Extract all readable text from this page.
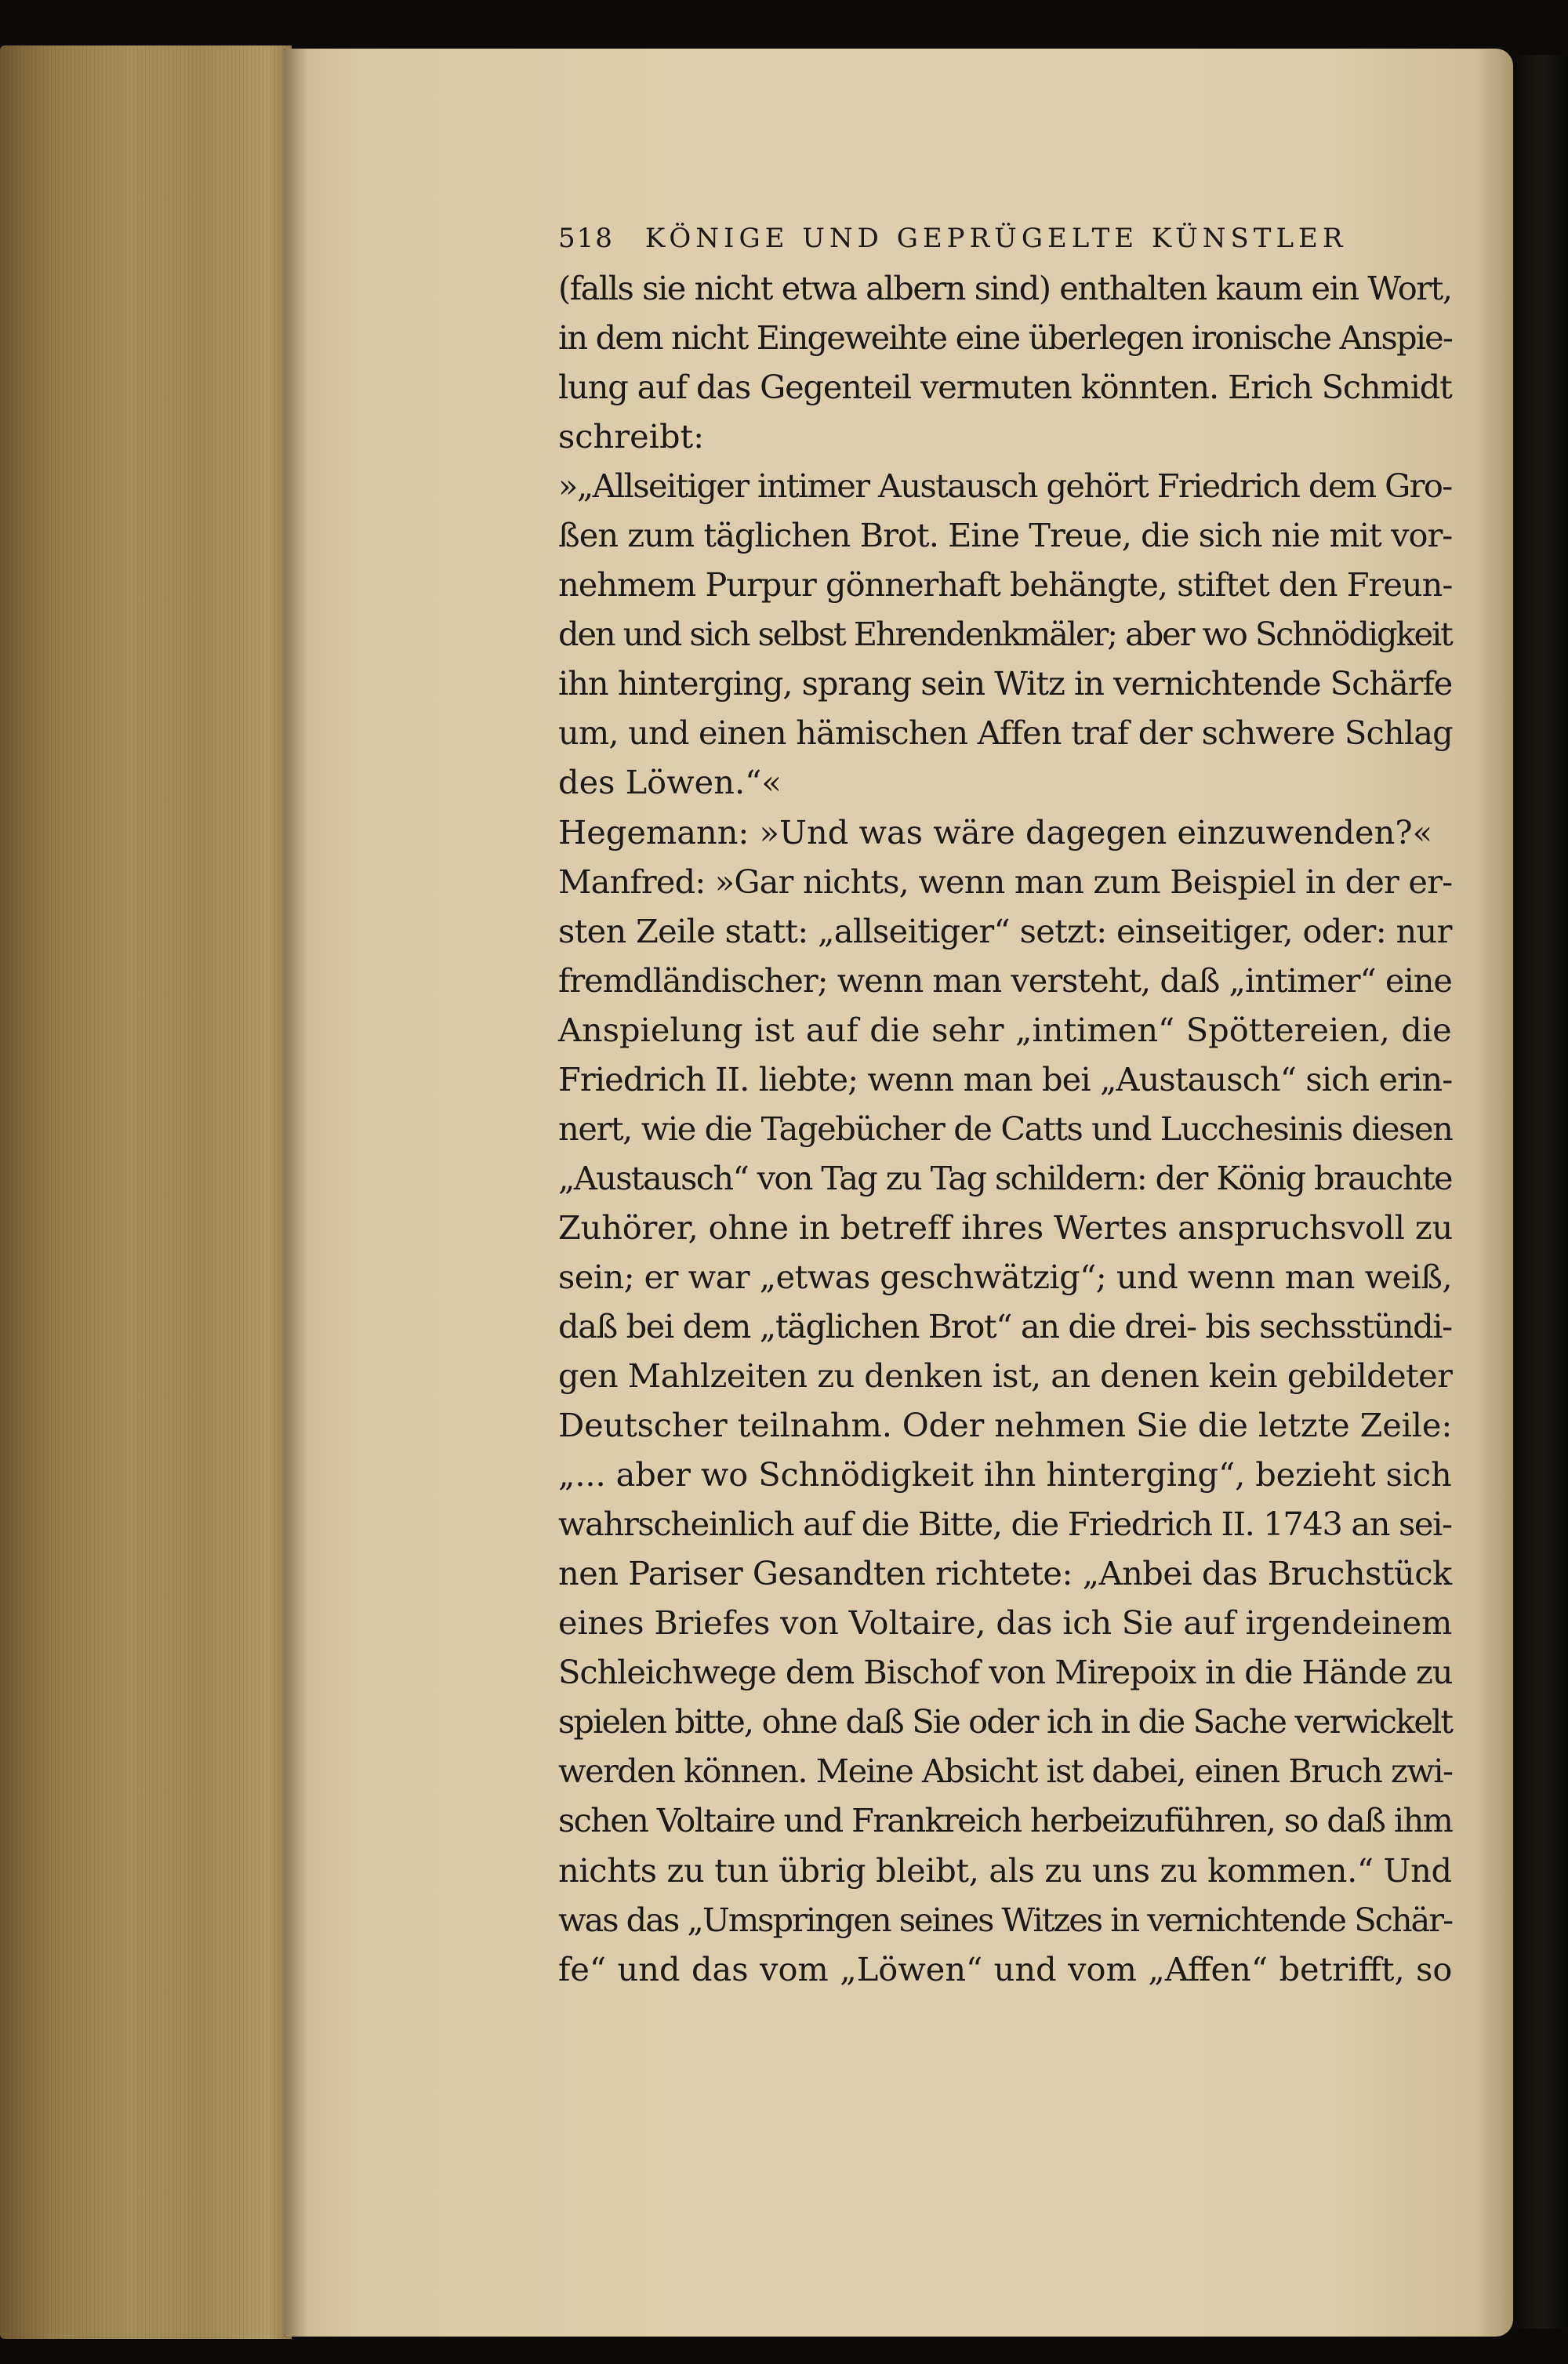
518 KÖNIGE UND GEPRÜGELTE KÜNSTLER
(falls sie nicht etwa albern sind) enthalten kaum ein Wort,
in dem nicht Eingeweihte eine überlegen ironische Anspie-
lung auf das Gegenteil vermuten könnten. Erich Schmidt
schreibt:
»„Allseitiger intimer Austausch gehört Friedrich dem Gro-
ßen zum täglichen Brot. Eine Treue, die sich nie mit vor-
nehmem Purpur gönnerhaft behängte, stiftet den Freun-
den und sich selbst Ehrendenkmäler; aber wo Schnödigkeit
ihn hinterging, sprang sein Witz in vernichtende Schärfe
um, und einen hämischen Affen traf der schwere Schlag
des Löwen.“«
Hegemann: »Und was wäre dagegen einzuwenden?«
Manfred: »Gar nichts, wenn man zum Beispiel in der er-
sten Zeile statt: „allseitiger“ setzt: einseitiger, oder: nur
fremdländischer; wenn man versteht, daß „intimer“ eine
Anspielung ist auf die sehr „intimen“ Spöttereien, die
Friedrich II. liebte; wenn man bei „Austausch“ sich erin-
nert, wie die Tagebücher de Catts und Lucchesinis diesen
„Austausch“ von Tag zu Tag schildern: der König brauchte
Zuhörer, ohne in betreff ihres Wertes anspruchsvoll zu
sein; er war „etwas geschwätzig“; und wenn man weiß,
daß bei dem „täglichen Brot“ an die drei- bis sechsstündi-
gen Mahlzeiten zu denken ist, an denen kein gebildeter
Deutscher teilnahm. Oder nehmen Sie die letzte Zeile:
„... aber wo Schnödigkeit ihn hinterging“, bezieht sich
wahrscheinlich auf die Bitte, die Friedrich II. 1743 an sei-
nen Pariser Gesandten richtete: „Anbei das Bruchstück
eines Briefes von Voltaire, das ich Sie auf irgendeinem
Schleichwege dem Bischof von Mirepoix in die Hände zu
spielen bitte, ohne daß Sie oder ich in die Sache verwickelt
werden können. Meine Absicht ist dabei, einen Bruch zwi-
schen Voltaire und Frankreich herbeizuführen, so daß ihm
nichts zu tun übrig bleibt, als zu uns zu kommen.“ Und
was das „Umspringen seines Witzes in vernichtende Schär-
fe“ und das vom „Löwen“ und vom „Affen“ betrifft, so
